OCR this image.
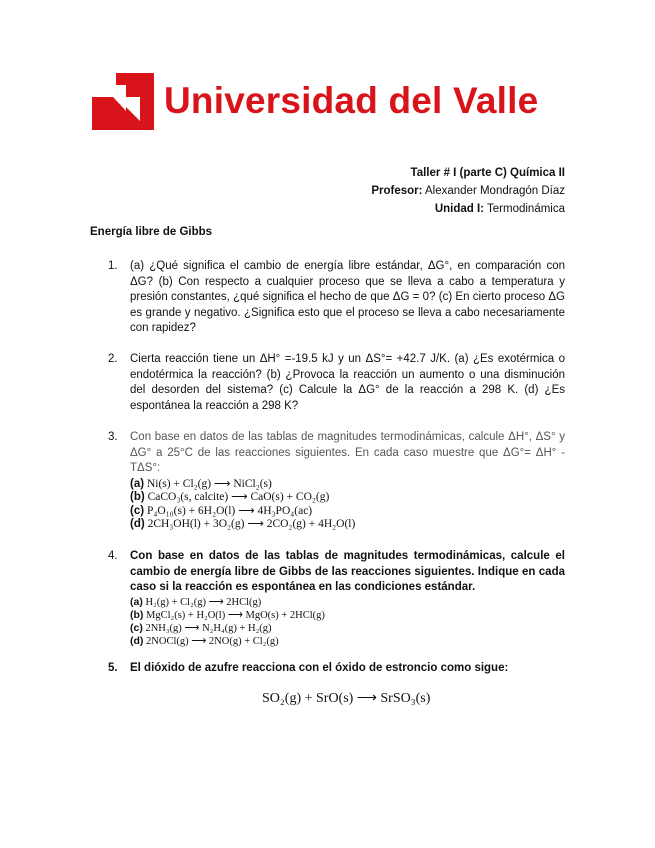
Universidad del Valle
Taller # I (parte C) Química II
Profesor: Alexander Mondragón Díaz
Unidad I: Termodinámica
Energía libre de Gibbs
1. (a) ¿Qué significa el cambio de energía libre estándar, ΔG°, en comparación con ΔG? (b) Con respecto a cualquier proceso que se lleva a cabo a temperatura y presión constantes, ¿qué significa el hecho de que ΔG = 0? (c) En cierto proceso ΔG es grande y negativo. ¿Significa esto que el proceso se lleva a cabo necesariamente con rapidez?
2. Cierta reacción tiene un ΔH° =-19.5 kJ y un ΔS°= +42.7 J/K. (a) ¿Es exotérmica o endotérmica la reacción? (b) ¿Provoca la reacción un aumento o una disminución del desorden del sistema? (c) Calcule la ΔG° de la reacción a 298 K. (d) ¿Es espontánea la reacción a 298 K?
3. Con base en datos de las tablas de magnitudes termodinámicas, calcule ΔH°, ΔS° y ΔG° a 25°C de las reacciones siguientes. En cada caso muestre que ΔG°= ΔH° - TΔS°:
(a) Ni(s) + Cl₂(g) ⟶ NiCl₂(s)
(b) CaCO₃(s, calcite) ⟶ CaO(s) + CO₂(g)
(c) P₄O₁₀(s) + 6H₂O(l) ⟶ 4H₃PO₄(ac)
(d) 2CH₃OH(l) + 3O₂(g) ⟶ 2CO₂(g) + 4H₂O(l)
4. Con base en datos de las tablas de magnitudes termodinámicas, calcule el cambio de energía libre de Gibbs de las reacciones siguientes. Indique en cada caso si la reacción es espontánea en las condiciones estándar.
(a) H₂(g) + Cl₂(g) ⟶ 2HCl(g)
(b) MgCl₂(s) + H₂O(l) ⟶ MgO(s) + 2HCl(g)
(c) 2NH₃(g) ⟶ N₂H₄(g) + H₂(g)
(d) 2NOCl(g) ⟶ 2NO(g) + Cl₂(g)
5. El dióxido de azufre reacciona con el óxido de estroncio como sigue:
SO₂(g) + SrO(s) ⟶ SrSO₃(s)
